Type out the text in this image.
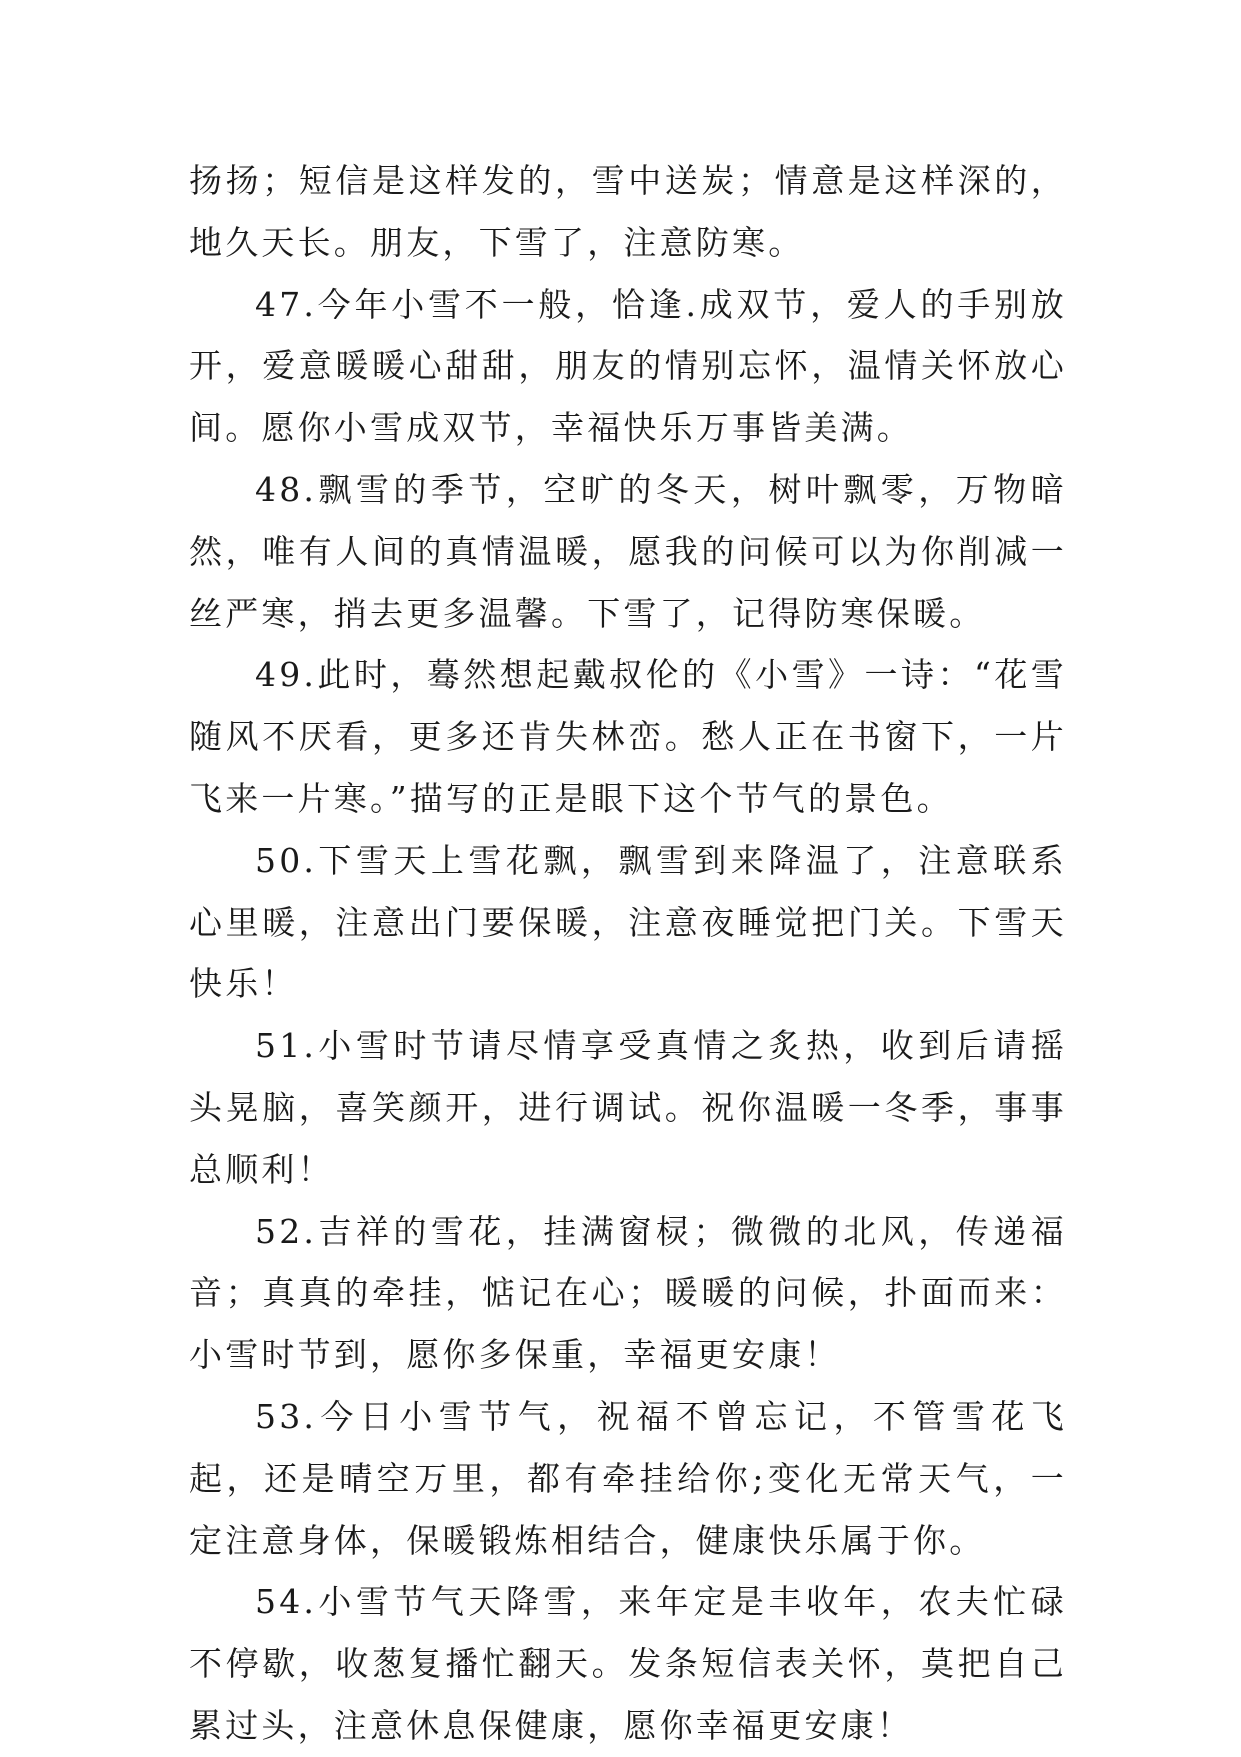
扬扬；短信是这样发的，雪中送炭；情意是这样深的，地久天长。朋友，下雪了，注意防寒。

47.今年小雪不一般，恰逢.成双节，爱人的手别放开，爱意暖暖心甜甜，朋友的情别忘怀，温情关怀放心间。愿你小雪成双节，幸福快乐万事皆美满。

48.飘雪的季节，空旷的冬天，树叶飘零，万物暗然，唯有人间的真情温暖，愿我的问候可以为你削减一丝严寒，捎去更多温馨。下雪了，记得防寒保暖。

49.此时，蓦然想起戴叔伦的《小雪》一诗：“花雪随风不厌看，更多还肯失林峦。愁人正在书窗下，一片飞来一片寒。”描写的正是眼下这个节气的景色。

50.下雪天上雪花飘，飘雪到来降温了，注意联系心里暖，注意出门要保暖，注意夜睡觉把门关。下雪天快乐！

51.小雪时节请尽情享受真情之炙热，收到后请摇头晃脑，喜笑颜开，进行调试。祝你温暖一冬季，事事总顺利！

52.吉祥的雪花，挂满窗棂；微微的北风，传递福音；真真的牵挂，惦记在心；暖暖的问候，扑面而来：小雪时节到，愿你多保重，幸福更安康！

53.今日小雪节气，祝福不曾忘记，不管雪花飞起，还是晴空万里，都有牵挂给你;变化无常天气，一定注意身体，保暖锻炼相结合，健康快乐属于你。

54.小雪节气天降雪，来年定是丰收年，农夫忙碌不停歇，收葱复播忙翻天。发条短信表关怀，莫把自己累过头，注意休息保健康，愿你幸福更安康！
